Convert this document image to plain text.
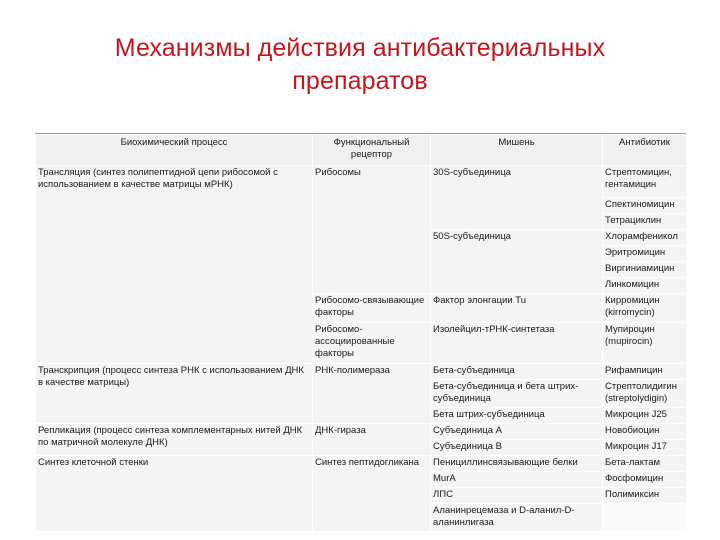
Механизмы действия антибактериальных
препаратов
Биохимический процесс	Функциональный рецептор	Мишень	Антибиотик
Трансляция (синтез полипептидной цепи рибосомой с использованием в качестве матрицы мРНК)	Рибосомы	30S-субъединица	Стрептомицин, гентамицин
			Спектиномицин
			Тетрациклин
		50S-субъединица	Хлорамфеникол
			Эритромицин
			Виргиниамицин
			Линкомицин
	Рибосомо-связывающие факторы	Фактор элонгации Tu	Кирромицин (kirromycin)
	Рибосомо-ассоциированные факторы	Изолейцил-тРНК-синтетаза	Мупироцин (mupirocin)
Транскрипция (процесс синтеза РНК с использованием ДНК в качестве матрицы)	РНК-полимераза	Бета-субъединица	Рифампицин
		Бета-субъединица и бета штрих-субъединица	Стрептолидигин (streptolydigin)
		Бета штрих-субъединица	Микроцин J25
Репликация (процесс синтеза комплементарных нитей ДНК по матричной молекуле ДНК)	ДНК-гираза	Субъединица А	Новобиоцин
		Субъединица В	Микроцин J17
Синтез клеточной стенки	Синтез пептидогликана	Пенициллинсвязывающие белки	Бета-лактам
		MurA	Фосфомицин
		ЛПС	Полимиксин
		Аланинрецемаза и D-аланил-D-аланинлигаза	
